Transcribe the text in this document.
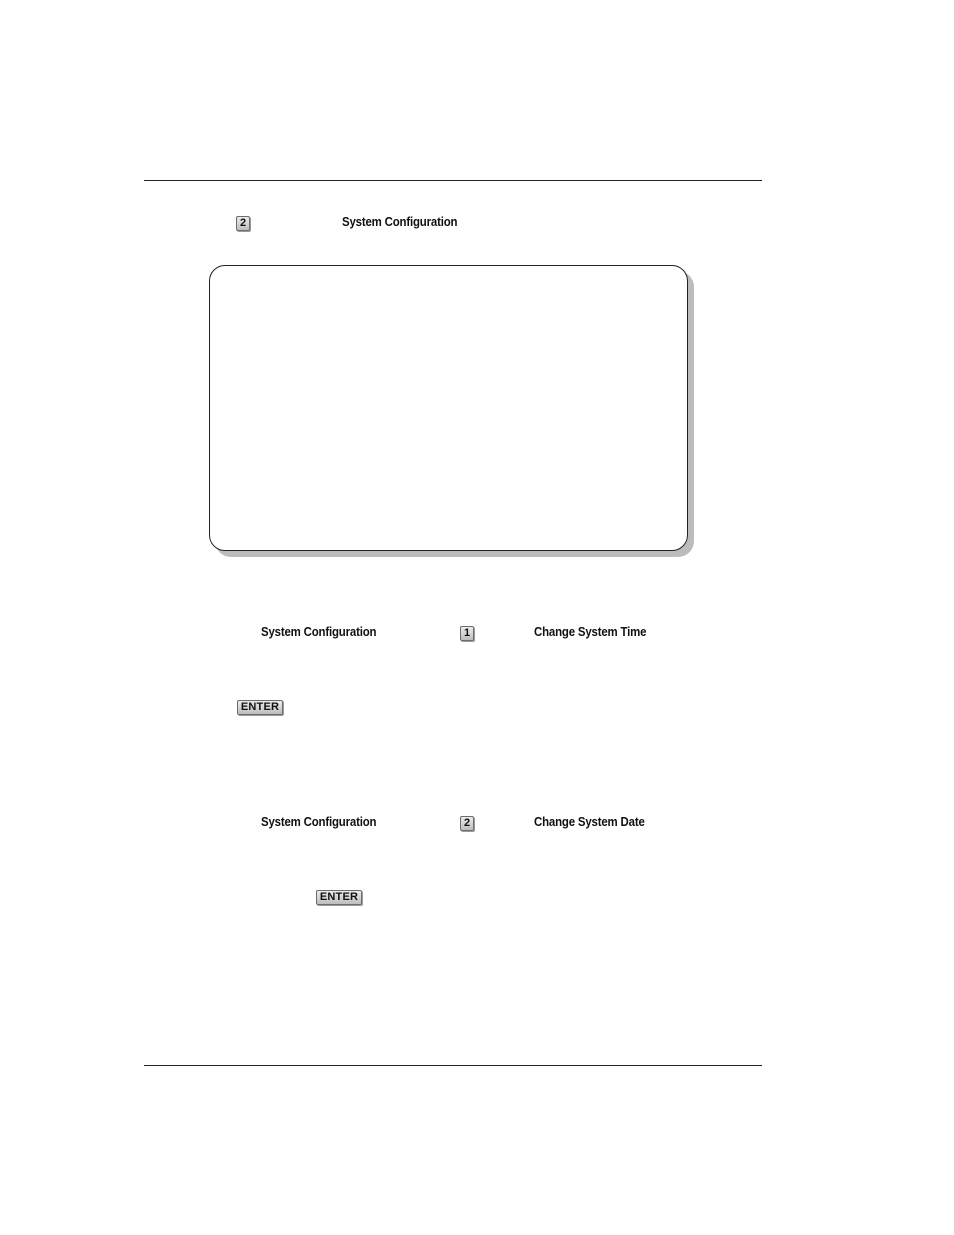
2	System Configuration
System Configuration	1	Change System Time
ENTER
System Configuration	2	Change System Date
ENTER
